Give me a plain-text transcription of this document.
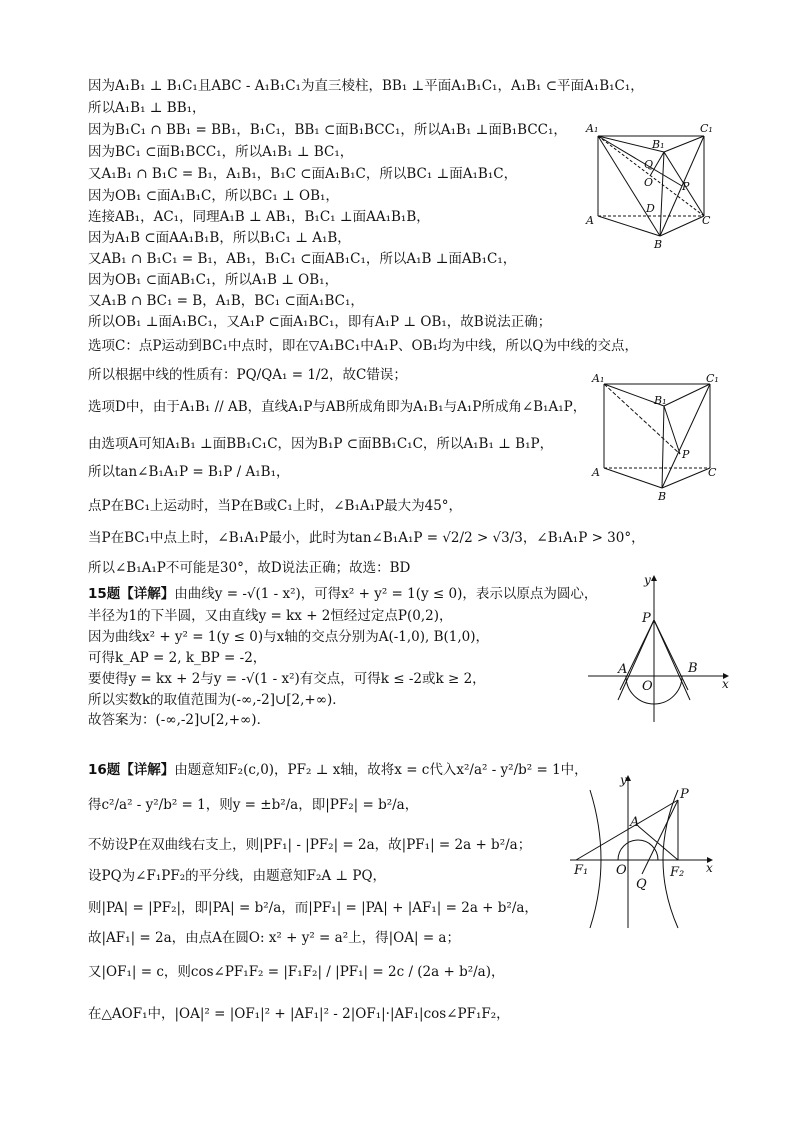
因为A₁B₁ ⊥ B₁C₁且ABC - A₁B₁C₁为直三棱柱，BB₁ ⊥平面A₁B₁C₁，A₁B₁ ⊂平面A₁B₁C₁，
所以A₁B₁ ⊥ BB₁，
因为B₁C₁ ∩ BB₁ = BB₁，B₁C₁，BB₁ ⊂面B₁BCC₁，所以A₁B₁ ⊥面B₁BCC₁，
因为BC₁ ⊂面B₁BCC₁，所以A₁B₁ ⊥ BC₁，
又A₁B₁ ∩ B₁C = B₁，A₁B₁，B₁C ⊂面A₁B₁C，所以BC₁ ⊥面A₁B₁C，
因为OB₁ ⊂面A₁B₁C，所以BC₁ ⊥ OB₁，
连接AB₁，AC₁，同理A₁B ⊥ AB₁，B₁C₁ ⊥面AA₁B₁B，
因为A₁B ⊂面AA₁B₁B，所以B₁C₁ ⊥ A₁B，
又AB₁ ∩ B₁C₁ = B₁，AB₁，B₁C₁ ⊂面AB₁C₁，所以A₁B ⊥面AB₁C₁，
因为OB₁ ⊂面AB₁C₁，所以A₁B ⊥ OB₁，
又A₁B ∩ BC₁ = B，A₁B，BC₁ ⊂面A₁BC₁，
所以OB₁ ⊥面A₁BC₁，又A₁P ⊂面A₁BC₁，即有A₁P ⊥ OB₁，故B说法正确；
选项C：点P运动到BC₁中点时，即在▽A₁BC₁中A₁P、OB₁均为中线，所以Q为中线的交点，
所以根据中线的性质有：PQ/QA₁ = 1/2，故C错误；
选项D中，由于A₁B₁ // AB，直线A₁P与AB所成角即为A₁B₁与A₁P所成角∠B₁A₁P，
由选项A可知A₁B₁ ⊥面BB₁C₁C，因为B₁P ⊂面BB₁C₁C，所以A₁B₁ ⊥ B₁P，
所以tan∠B₁A₁P = B₁P / A₁B₁，
点P在BC₁上运动时，当P在B或C₁上时，∠B₁A₁P最大为45°，
当P在BC₁中点上时，∠B₁A₁P最小，此时为tan∠B₁A₁P = √2/2 > √3/3，∠B₁A₁P > 30°，
所以∠B₁A₁P不可能是30°，故D说法正确；故选：BD
15题【详解】由曲线y = -√(1 - x²)，可得x² + y² = 1(y ≤ 0)，表示以原点为圆心，
半径为1的下半圆，又由直线y = kx + 2恒经过定点P(0,2)，
因为曲线x² + y² = 1(y ≤ 0)与x轴的交点分别为A(-1,0), B(1,0)，
可得k_AP = 2, k_BP = -2，
要使得y = kx + 2与y = -√(1 - x²)有交点，可得k ≤ -2或k ≥ 2，
所以实数k的取值范围为(-∞,-2]∪[2,+∞)．
故答案为：(-∞,-2]∪[2,+∞)．
16题【详解】由题意知F₂(c,0)，PF₂ ⊥ x轴，故将x = c代入x²/a² - y²/b² = 1中，
得c²/a² - y²/b² = 1，则y = ±b²/a，即|PF₂| = b²/a，
不妨设P在双曲线右支上，则|PF₁| - |PF₂| = 2a，故|PF₁| = 2a + b²/a；
设PQ为∠F₁PF₂的平分线，由题意知F₂A ⊥ PQ，
则|PA| = |PF₂|，即|PA| = b²/a，而|PF₁| = |PA| + |AF₁| = 2a + b²/a，
故|AF₁| = 2a，由点A在圆O: x² + y² = a²上，得|OA| = a；
又|OF₁| = c，则cos∠PF₁F₂ = |F₁F₂| / |PF₁| = 2c / (2a + b²/a)，
在△AOF₁中，|OA|² = |OF₁|² + |AF₁|² - 2|OF₁|·|AF₁|cos∠PF₁F₂，
A₁
B₁
C₁
Q
O	P
D
A
B
C
A₁
B₁
C₁
P
A
B
C
y
x
P
A	B
O
y
x
P
A
F₁ O
Q
F₂
